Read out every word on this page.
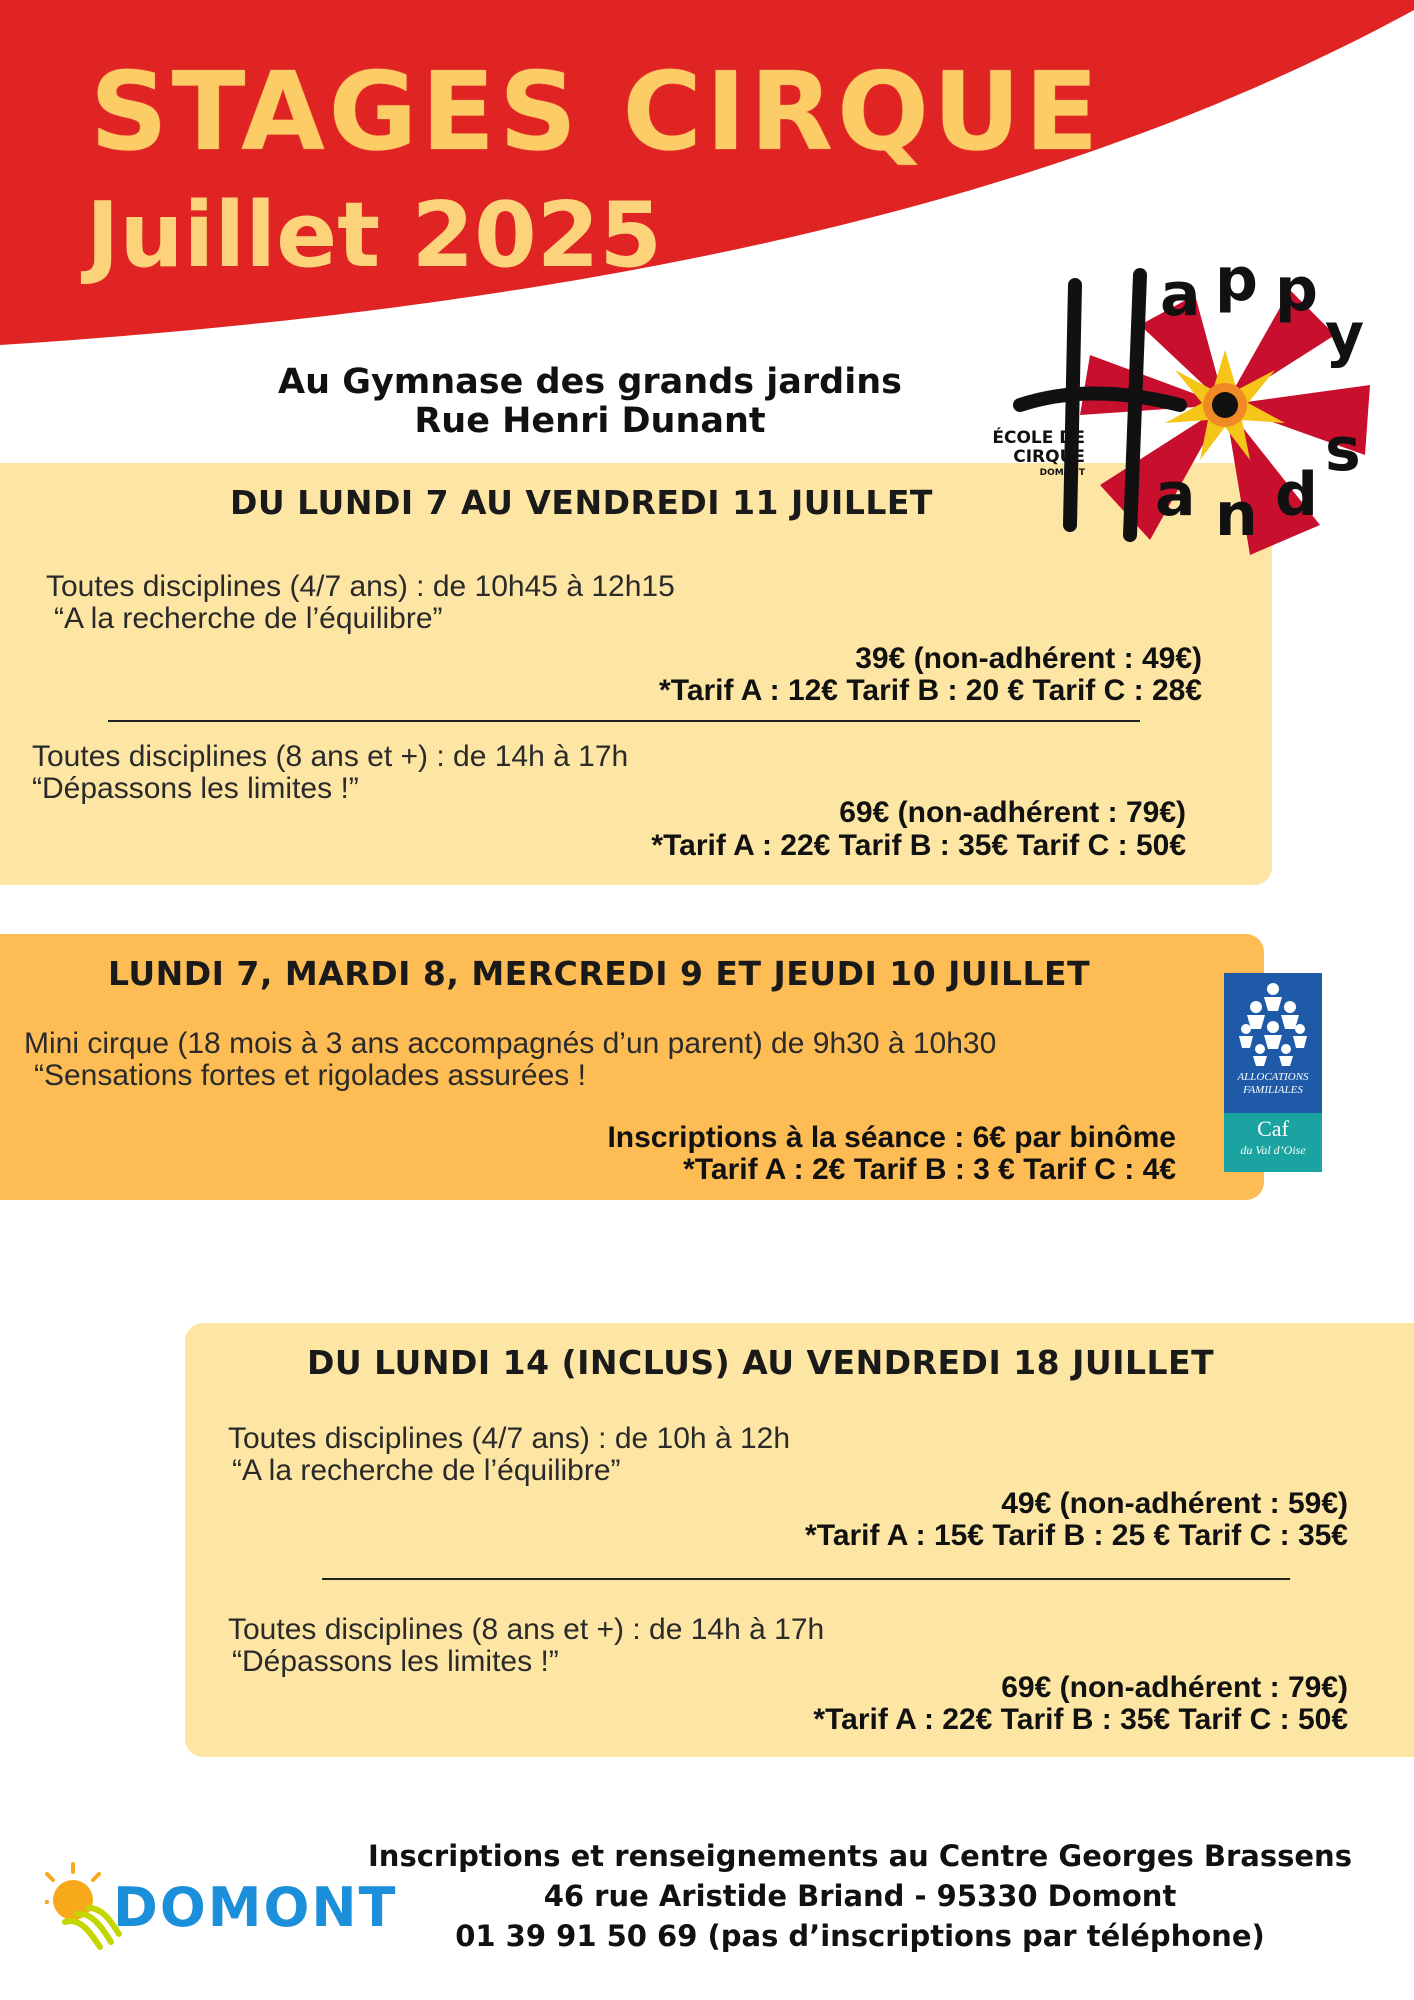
STAGES CIRQUE
Juillet 2025
Au Gymnase des grands jardins
Rue Henri Dunant
DU LUNDI 7 AU VENDREDI 11 JUILLET
Toutes disciplines (4/7 ans) : de 10h45 à 12h15
“A la recherche de l’équilibre”
39€ (non-adhérent : 49€)
*Tarif A : 12€ Tarif B : 20 € Tarif C : 28€
Toutes disciplines (8 ans et +) : de 14h à 17h
“Dépassons les limites !”
69€ (non-adhérent : 79€)
*Tarif A : 22€ Tarif B : 35€ Tarif C : 50€
a p p
y
a n d
s
ÉCOLE DE
CIRQUE
DOMONT
LUNDI 7, MARDI 8, MERCREDI 9 ET JEUDI 10 JUILLET
Mini cirque (18 mois à 3 ans accompagnés d’un parent) de 9h30 à 10h30
“Sensations fortes et rigolades assurées !
Inscriptions à la séance : 6€ par binôme
*Tarif A : 2€ Tarif B : 3 € Tarif C : 4€
ALLOCATIONS FAMILIALES
Caf
du Val d’Oise
DU LUNDI 14 (INCLUS) AU VENDREDI 18 JUILLET
Toutes disciplines (4/7 ans) : de 10h à 12h
“A la recherche de l’équilibre”
49€ (non-adhérent : 59€)
*Tarif A : 15€ Tarif B : 25 € Tarif C : 35€
Toutes disciplines (8 ans et +) : de 14h à 17h
“Dépassons les limites !”
69€ (non-adhérent : 79€)
*Tarif A : 22€ Tarif B : 35€ Tarif C : 50€
DOMONT
Inscriptions et renseignements au Centre Georges Brassens
46 rue Aristide Briand - 95330 Domont
01 39 91 50 69 (pas d’inscriptions par téléphone)
